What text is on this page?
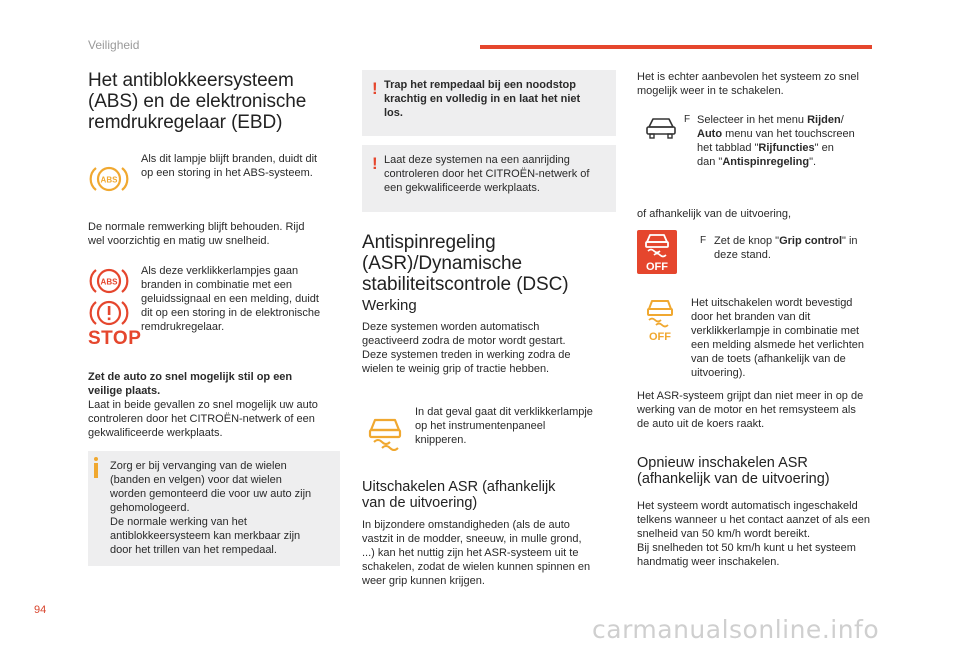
Veiligheid
Het antiblokkeersysteem
(ABS) en de elektronische
remdrukregelaar (EBD)
ABS
Als dit lampje blijft branden, duidt dit
op een storing in het ABS-systeem.
De normale remwerking blijft behouden. Rijd
wel voorzichtig en matig uw snelheid.
ABS
STOP
Als deze verklikkerlampjes gaan
branden in combinatie met een
geluidssignaal en een melding, duidt
dit op een storing in de elektronische
remdrukregelaar.
Zet de auto zo snel mogelijk stil op een
veilige plaats.
Laat in beide gevallen zo snel mogelijk uw auto
controleren door het CITROËN-netwerk of een
gekwalificeerde werkplaats.
Zorg er bij vervanging van de wielen
(banden en velgen) voor dat wielen
worden gemonteerd die voor uw auto zijn
gehomologeerd.
De normale werking van het
antiblokkeersysteem kan merkbaar zijn
door het trillen van het rempedaal.
! Trap het rempedaal bij een noodstop
krachtig en volledig in en laat het niet
los.
! Laat deze systemen na een aanrijding
controleren door het CITROËN-netwerk of
een gekwalificeerde werkplaats.
Antispinregeling
(ASR)/Dynamische
stabiliteitscontrole (DSC)
Werking
Deze systemen worden automatisch
geactiveerd zodra de motor wordt gestart.
Deze systemen treden in werking zodra de
wielen te weinig grip of tractie hebben.
In dat geval gaat dit verklikkerlampje
op het instrumentenpaneel
knipperen.
Uitschakelen ASR (afhankelijk
van de uitvoering)
In bijzondere omstandigheden (als de auto
vastzit in de modder, sneeuw, in mulle grond,
...) kan het nuttig zijn het ASR-systeem uit te
schakelen, zodat de wielen kunnen spinnen en
weer grip kunnen krijgen.
Het is echter aanbevolen het systeem zo snel
mogelijk weer in te schakelen.
F Selecteer in het menu Rijden/
Auto menu van het touchscreen
het tabblad "Rijfuncties" en
dan "Antispinregeling".
of afhankelijk van de uitvoering,
OFF
F Zet de knop "Grip control" in
deze stand.
OFF
Het uitschakelen wordt bevestigd
door het branden van dit
verklikkerlampje in combinatie met
een melding alsmede het verlichten
van de toets (afhankelijk van de
uitvoering).
Het ASR-systeem grijpt dan niet meer in op de
werking van de motor en het remsysteem als
de auto uit de koers raakt.
Opnieuw inschakelen ASR
(afhankelijk van de uitvoering)
Het systeem wordt automatisch ingeschakeld
telkens wanneer u het contact aanzet of als een
snelheid van 50 km/h wordt bereikt.
Bij snelheden tot 50 km/h kunt u het systeem
handmatig weer inschakelen.
94
carmanualsonline.info
